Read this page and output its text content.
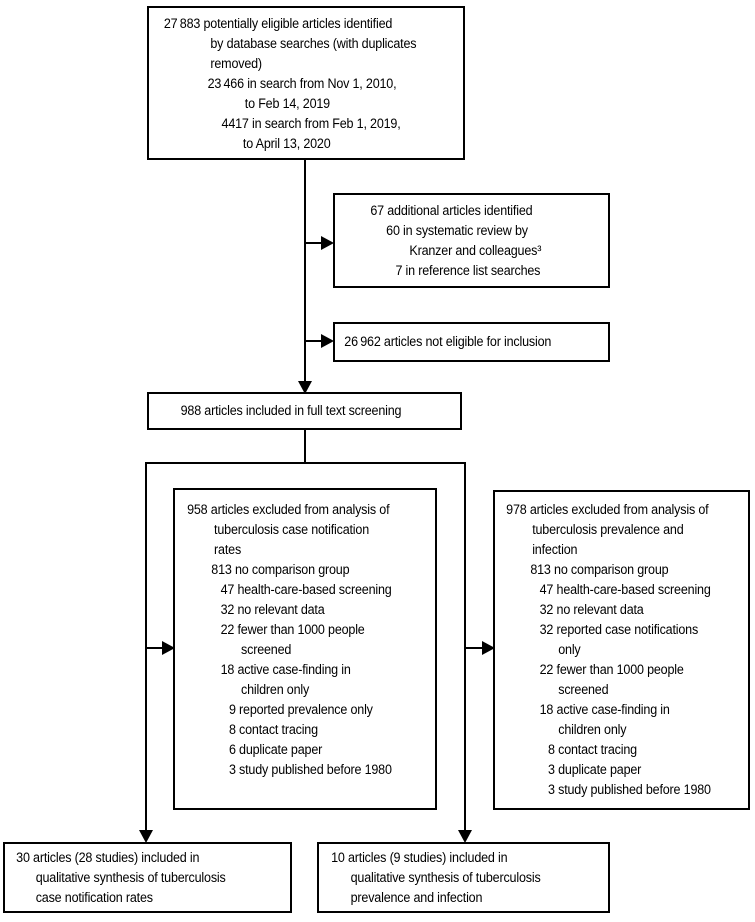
27 883 potentially eligible articles identified
by database searches (with duplicates
removed)
23 466 in search from Nov 1, 2010,
to Feb 14, 2019
4417 in search from Feb 1, 2019,
to April 13, 2020
67 additional articles identified
60 in systematic review by
Kranzer and colleagues³
7 in reference list searches
26 962 articles not eligible for inclusion
988 articles included in full text screening
958 articles excluded from analysis of
tuberculosis case notification
rates
813 no comparison group
47 health-care-based screening
32 no relevant data
22 fewer than 1000 people
screened
18 active case-finding in
children only
9 reported prevalence only
8 contact tracing
6 duplicate paper
3 study published before 1980
978 articles excluded from analysis of
tuberculosis prevalence and
infection
813 no comparison group
47 health-care-based screening
32 no relevant data
32 reported case notifications
only
22 fewer than 1000 people
screened
18 active case-finding in
children only
8 contact tracing
3 duplicate paper
3 study published before 1980
30 articles (28 studies) included in
qualitative synthesis of tuberculosis
case notification rates
10 articles (9 studies) included in
qualitative synthesis of tuberculosis
prevalence and infection
